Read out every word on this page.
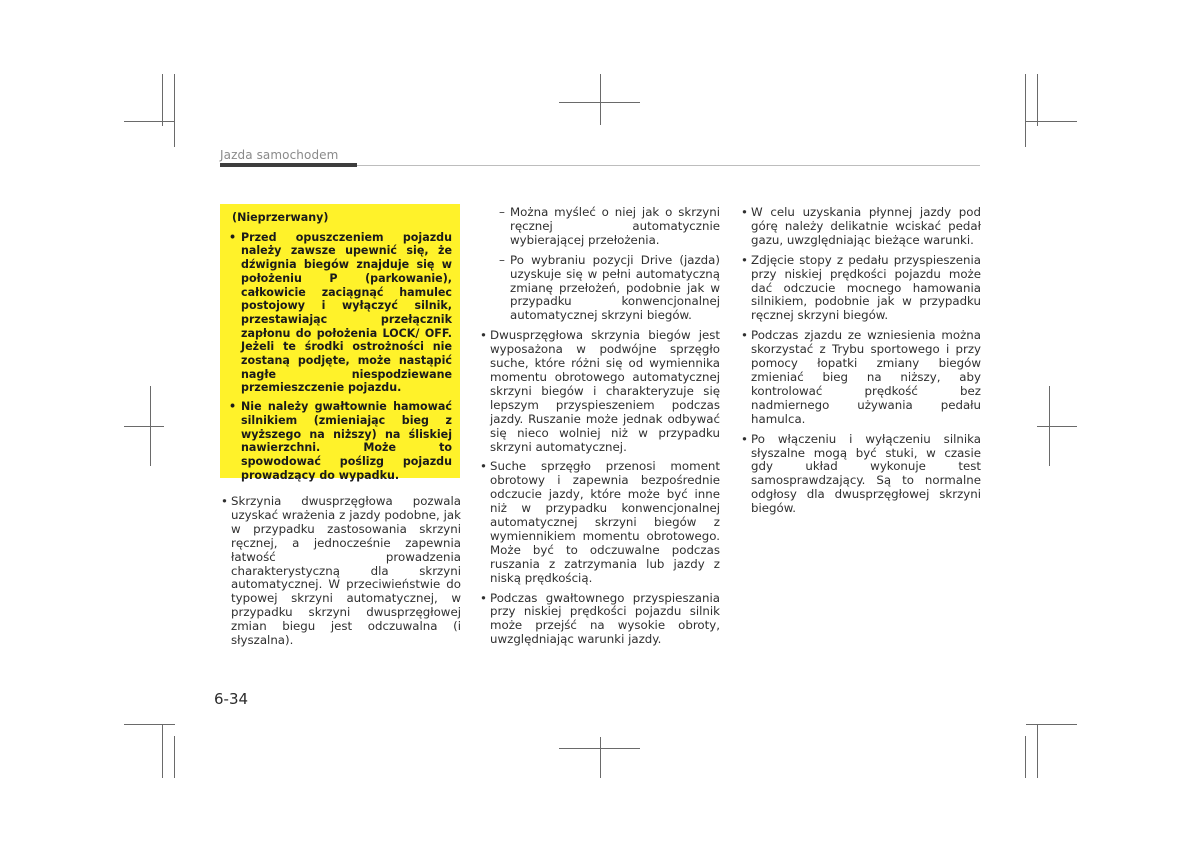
Jazda samochodem
(Nieprzerwany)
• Przed opuszczeniem pojazdu należy zawsze upewnić się, że dźwignia biegów znajduje się w położeniu P (parkowanie), całkowicie zaciągnąć hamulec postojowy i wyłączyć silnik, przestawiając przełącznik zapłonu do położenia LOCK/ OFF. Jeżeli te środki ostrożności nie zostaną podjęte, może nastąpić nagłe niespodziewane przemieszczenie pojazdu.
• Nie należy gwałtownie hamować silnikiem (zmieniając bieg z wyższego na niższy) na śliskiej nawierzchni. Może to spowodować poślizg pojazdu prowadzący do wypadku.

• Skrzynia dwusprzęgłowa pozwala uzyskać wrażenia z jazdy podobne, jak w przypadku zastosowania skrzyni ręcznej, a jednocześnie zapewnia łatwość prowadzenia charakterystyczną dla skrzyni automatycznej. W przeciwieństwie do typowej skrzyni automatycznej, w przypadku skrzyni dwusprzęgłowej zmian biegu jest odczuwalna (i słyszalna).

– Można myśleć o niej jak o skrzyni ręcznej automatycznie wybierającej przełożenia.

– Po wybraniu pozycji Drive (jazda) uzyskuje się w pełni automatyczną zmianę przełożeń, podobnie jak w przypadku konwencjonalnej automatycznej skrzyni biegów.

• Dwusprzęgłowa skrzynia biegów jest wyposażona w podwójne sprzęgło suche, które różni się od wymiennika momentu obrotowego automatycznej skrzyni biegów i charakteryzuje się lepszym przyspieszeniem podczas jazdy. Ruszanie może jednak odbywać się nieco wolniej niż w przypadku skrzyni automatycznej.

• Suche sprzęgło przenosi moment obrotowy i zapewnia bezpośrednie odczucie jazdy, które może być inne niż w przypadku konwencjonalnej automatycznej skrzyni biegów z wymiennikiem momentu obrotowego. Może być to odczuwalne podczas ruszania z zatrzymania lub jazdy z niską prędkością.

• Podczas gwałtownego przyspieszania przy niskiej prędkości pojazdu silnik może przejść na wysokie obroty, uwzględniając warunki jazdy.

• W celu uzyskania płynnej jazdy pod górę należy delikatnie wciskać pedał gazu, uwzględniając bieżące warunki.

• Zdjęcie stopy z pedału przyspieszenia przy niskiej prędkości pojazdu może dać odczucie mocnego hamowania silnikiem, podobnie jak w przypadku ręcznej skrzyni biegów.

• Podczas zjazdu ze wzniesienia można skorzystać z Trybu sportowego i przy pomocy łopatki zmiany biegów zmieniać bieg na niższy, aby kontrolować prędkość bez nadmiernego używania pedału hamulca.

• Po włączeniu i wyłączeniu silnika słyszalne mogą być stuki, w czasie gdy układ wykonuje test samosprawdzający. Są to normalne odgłosy dla dwusprzęgłowej skrzyni biegów.

6-34
